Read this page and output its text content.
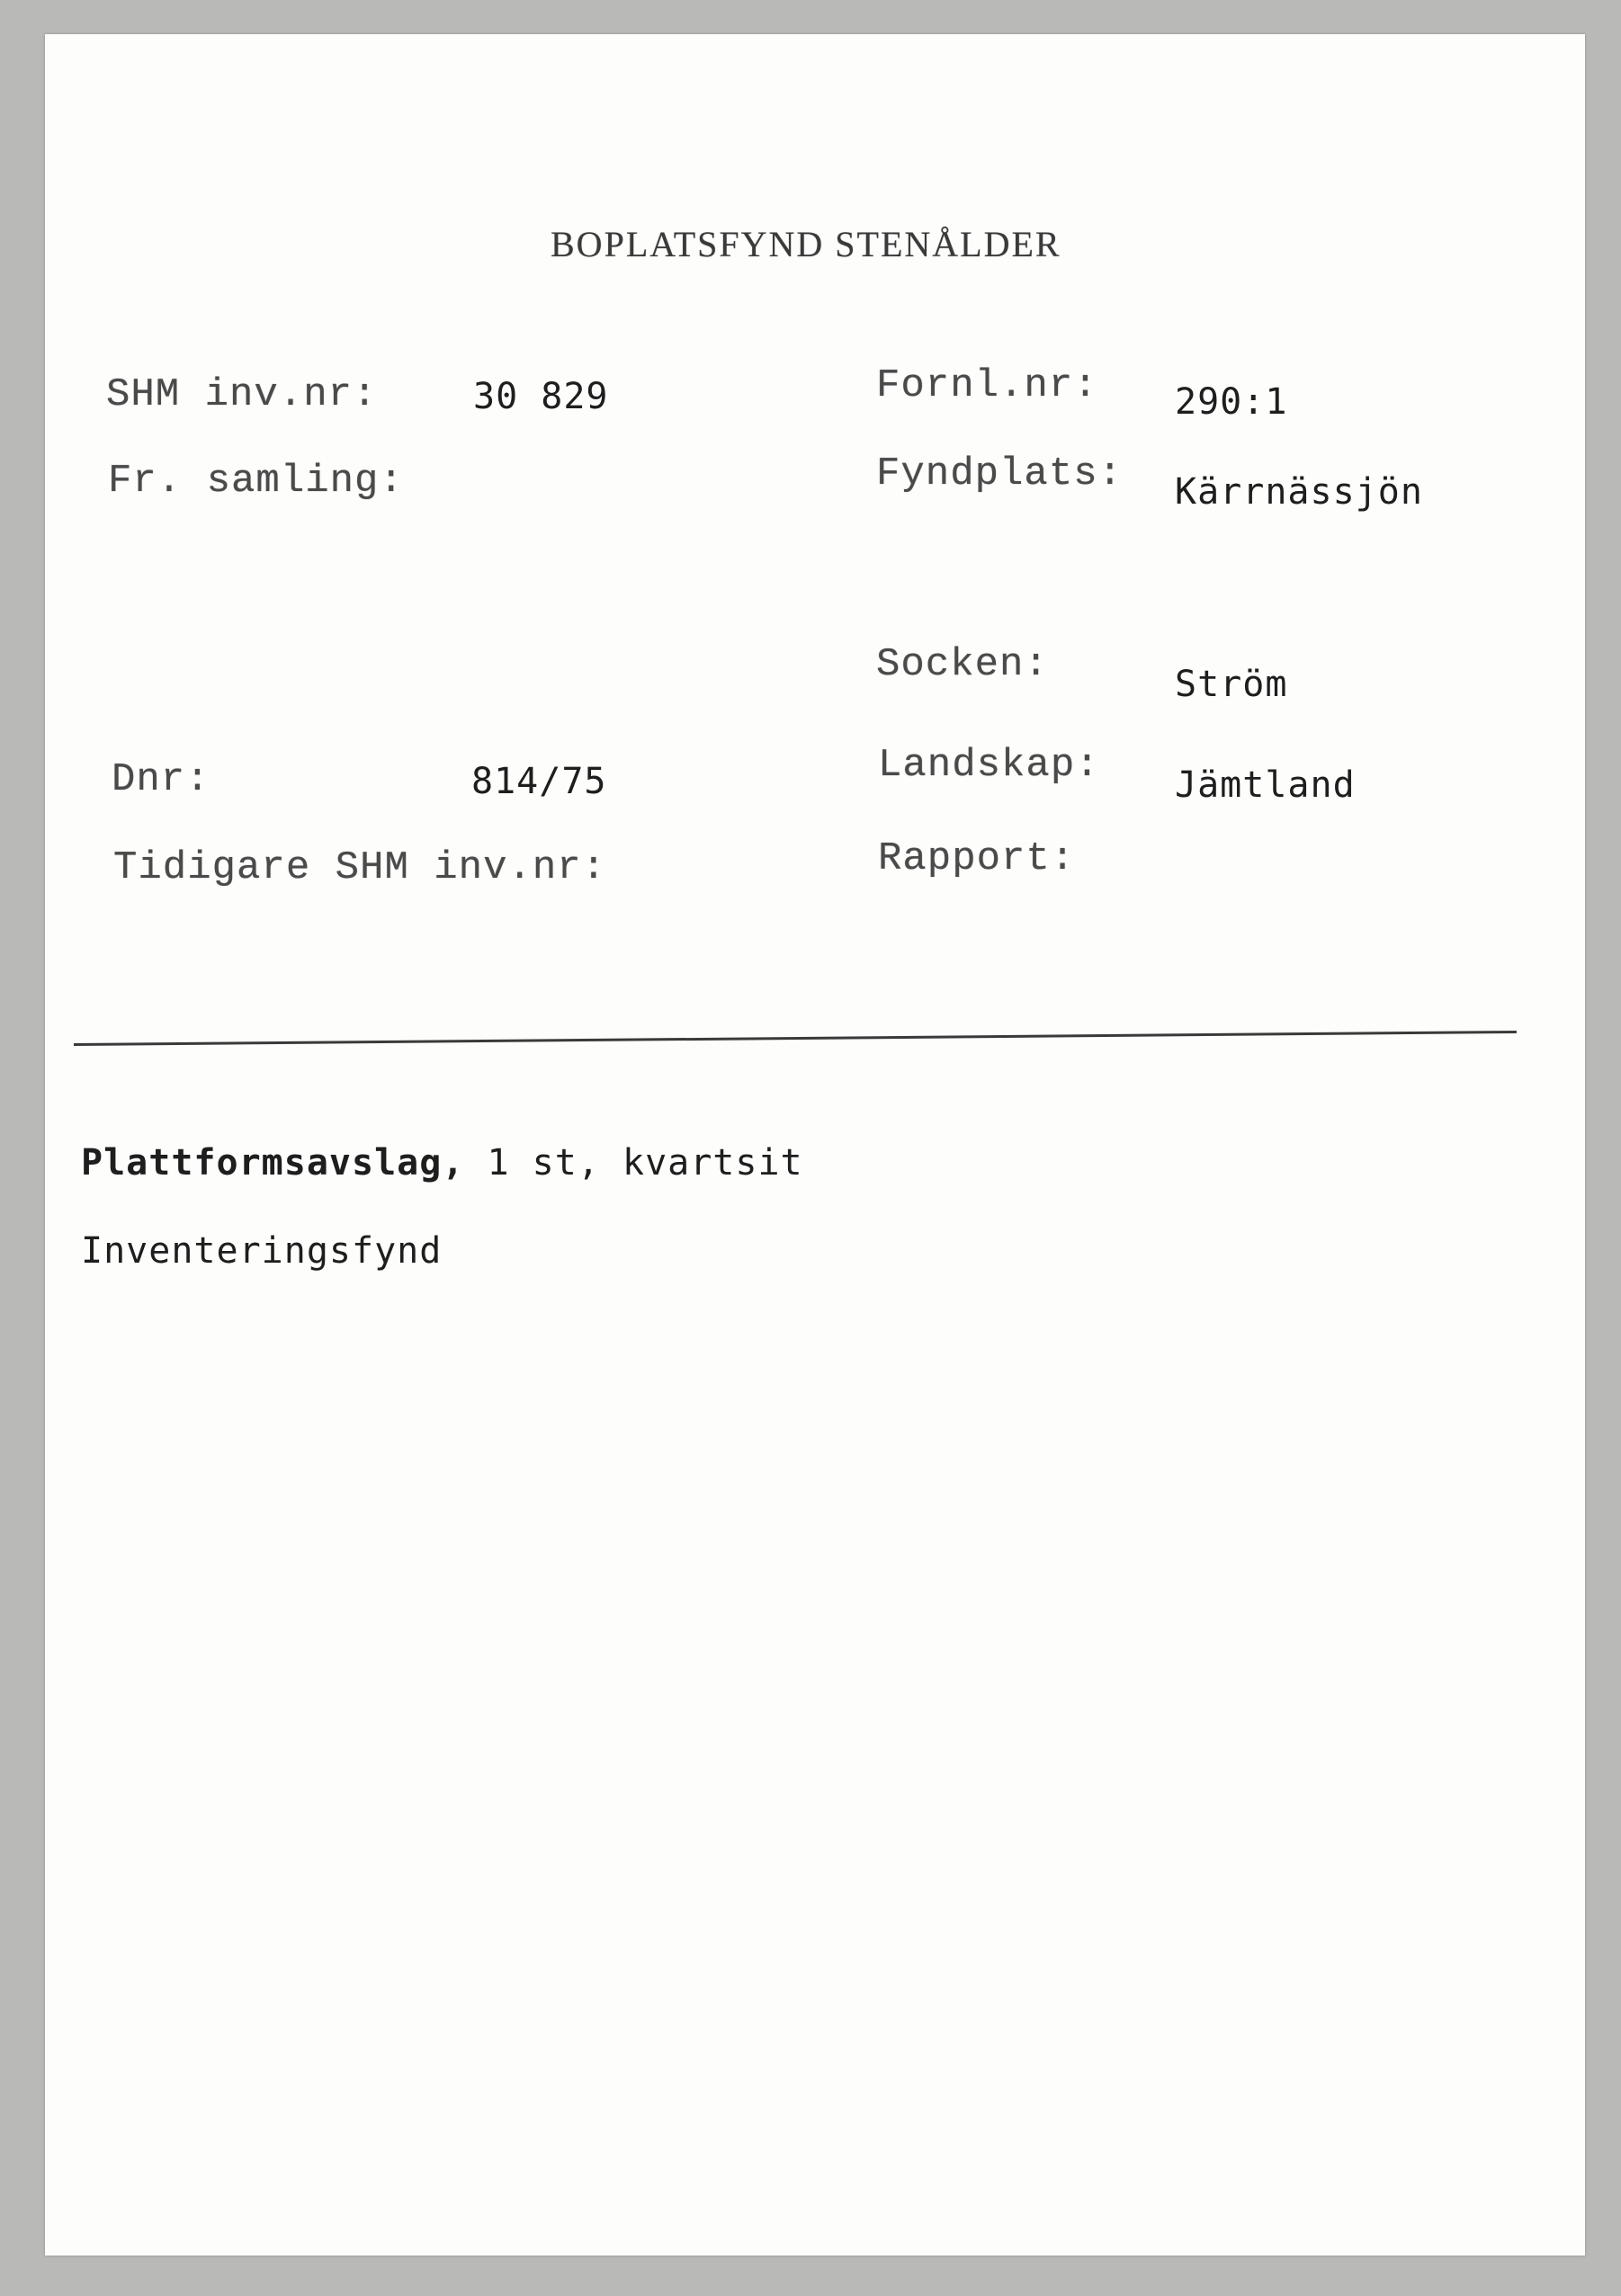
BOPLATSFYND STENÅLDER
SHM inv.nr:	30 829
Fr. samling:
Dnr:	814/75
Tidigare SHM inv.nr:
Fornl.nr: 290:1
Fyndplats: Kärrnässjön
Socken:	Ström
Landskap: Jämtland
Rapport:
Plattformsavslag, 1 st, kvartsit
Inventeringsfynd
